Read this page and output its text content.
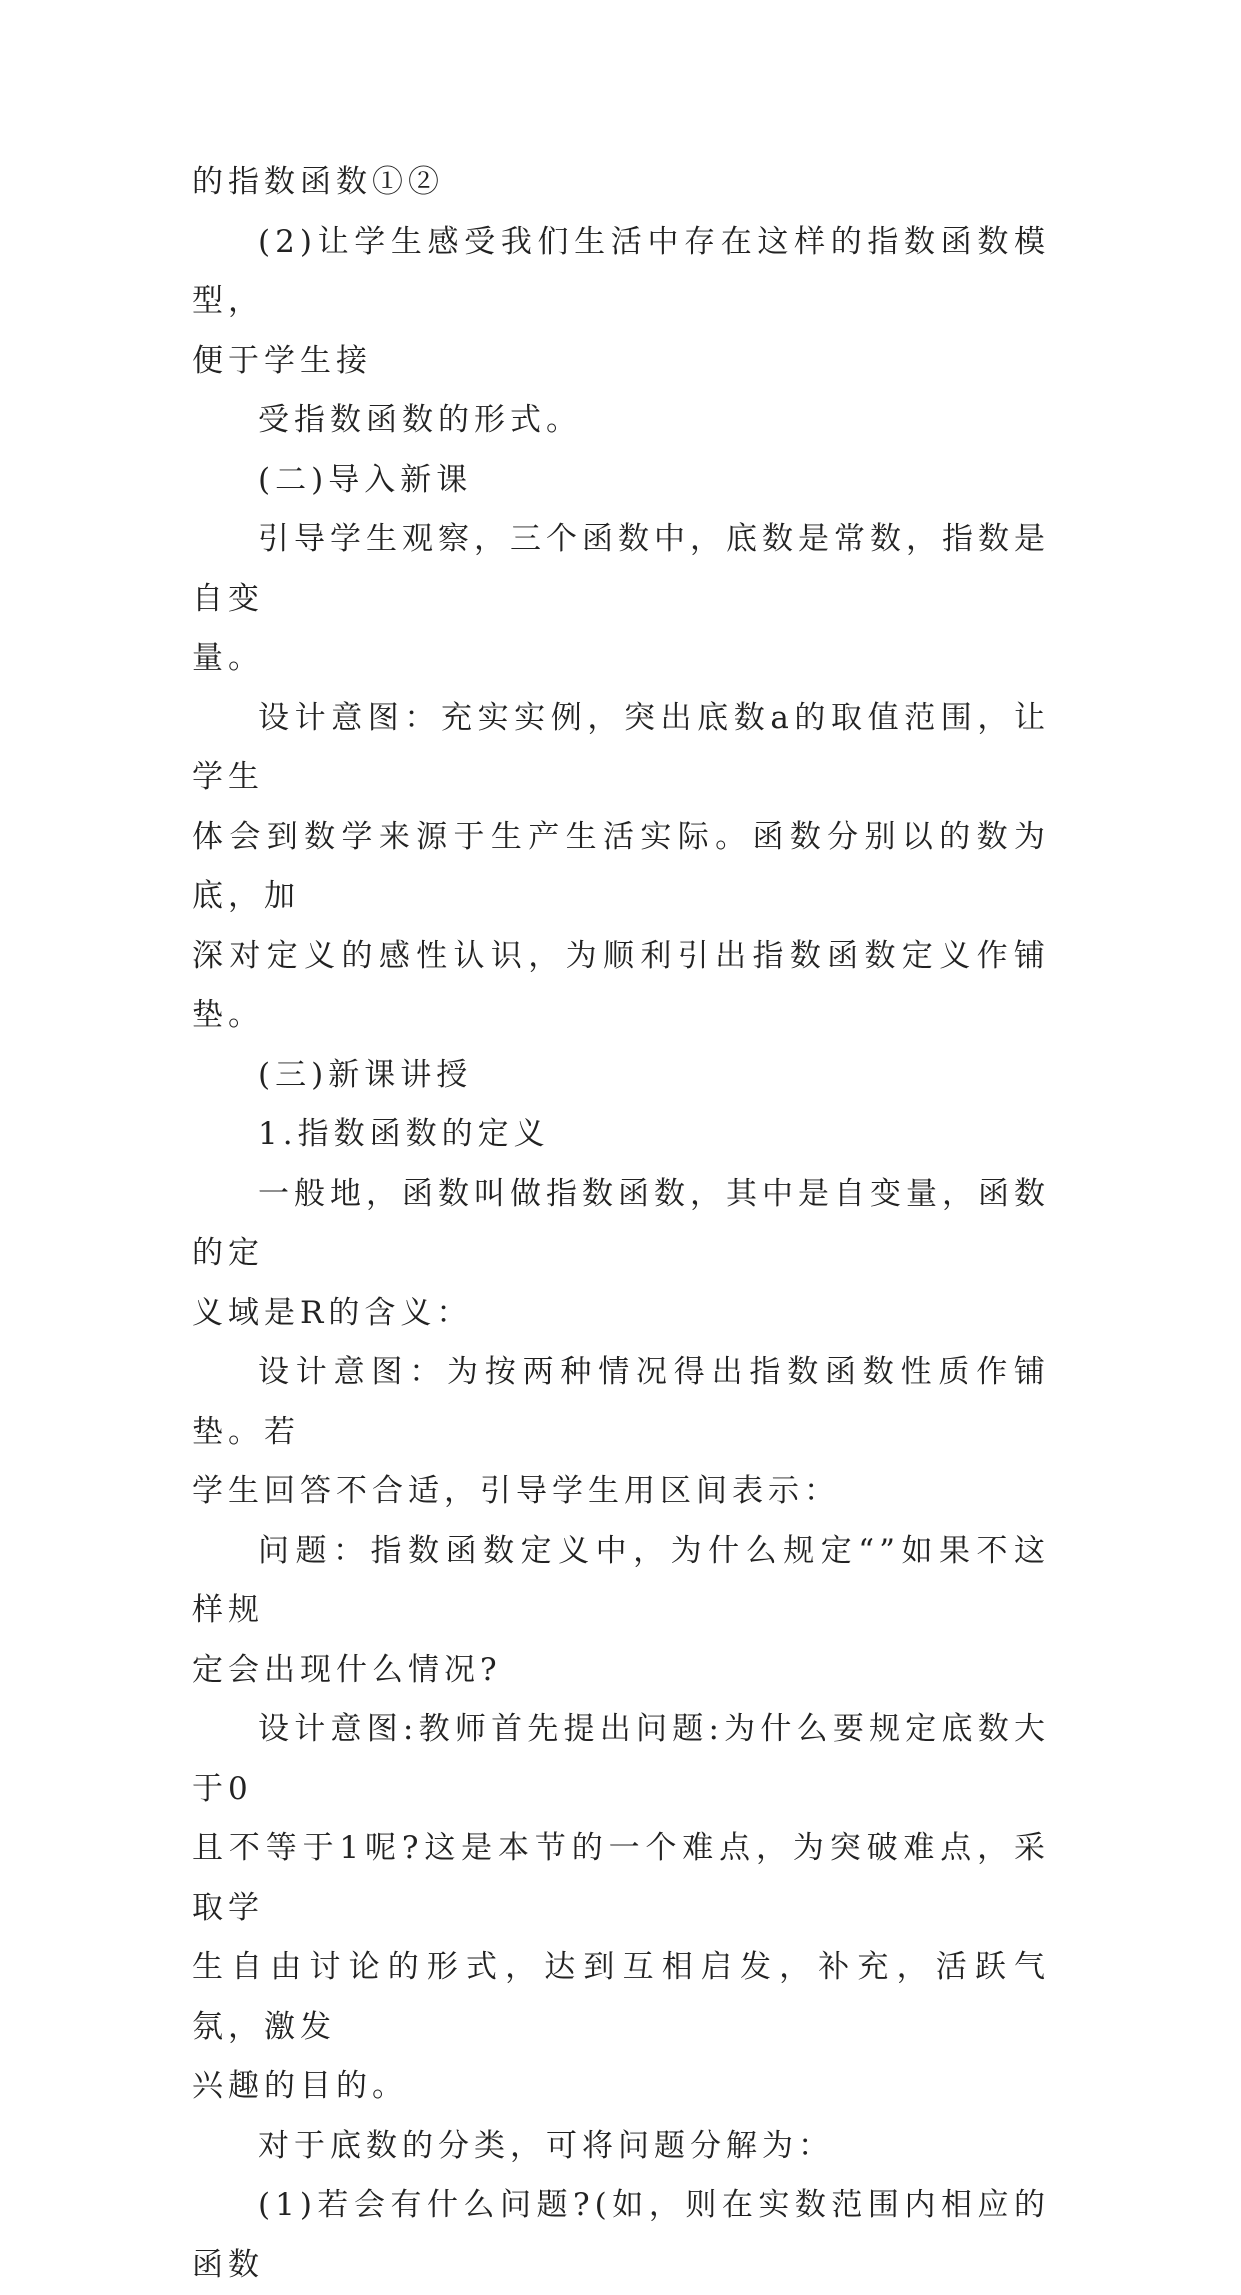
的指数函数①②

(2)让学生感受我们生活中存在这样的指数函数模型，

便于学生接

受指数函数的形式。

(二)导入新课

引导学生观察，三个函数中，底数是常数，指数是自变

量。

设计意图：充实实例，突出底数a的取值范围，让学生

体会到数学来源于生产生活实际。函数分别以的数为底，加
深对定义的感性认识，为顺利引出指数函数定义作铺垫。

(三)新课讲授

1.指数函数的定义

一般地，函数叫做指数函数，其中是自变量，函数的定

义域是R的含义：

设计意图：为按两种情况得出指数函数性质作铺垫。若

学生回答不合适，引导学生用区间表示：

问题：指数函数定义中，为什么规定“”如果不这样规

定会出现什么情况?

设计意图:教师首先提出问题:为什么要规定底数大于0

且不等于1呢?这是本节的一个难点，为突破难点，采取学
生自由讨论的形式，达到互相启发，补充，活跃气氛，激发
兴趣的目的。

对于底数的分类，可将问题分解为：

(1)若会有什么问题?(如，则在实数范围内相应的函数
